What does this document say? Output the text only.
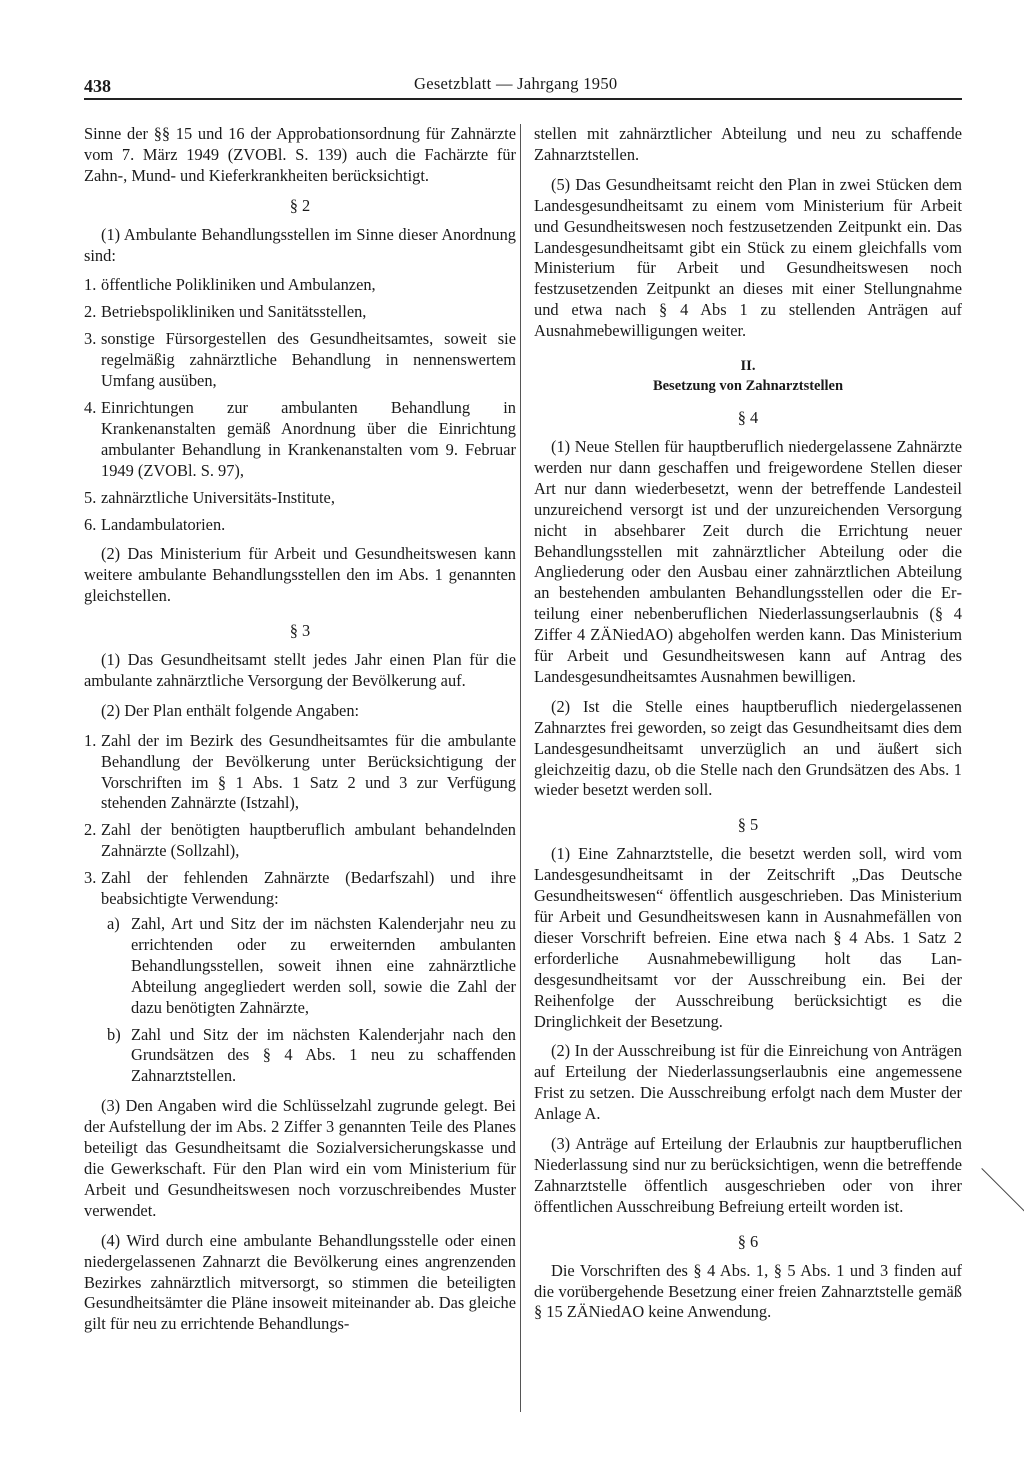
438	Gesetzblatt — Jahrgang 1950

Sinne der §§ 15 und 16 der Approbationsordnung für Zahnärzte vom 7. März 1949 (ZVOBl. S. 139) auch die Fachärzte für Zahn-, Mund- und Kieferkrankheiten berücksichtigt.

§ 2

(1) Ambulante Behandlungsstellen im Sinne dieser Anordnung sind:

1. öffentliche Polikliniken und Ambulanzen,
2. Betriebspolikliniken und Sanitätsstellen,
3. sonstige Fürsorgestellen des Gesundheitsamtes, soweit sie regelmäßig zahnärztliche Behandlung in nennenswertem Umfang ausüben,
4. Einrichtungen zur ambulanten Behandlung in Krankenanstalten gemäß Anordnung über die Einrichtung ambulanter Behandlung in Krankenanstalten vom 9. Februar 1949 (ZVOBl. S. 97),
5. zahnärztliche Universitäts-Institute,
6. Landambulatorien.

(2) Das Ministerium für Arbeit und Gesundheitswesen kann weitere ambulante Behandlungsstellen den im Abs. 1 genannten gleichstellen.

§ 3

(1) Das Gesundheitsamt stellt jedes Jahr einen Plan für die ambulante zahnärztliche Versorgung der Bevölkerung auf.

(2) Der Plan enthält folgende Angaben:

1. Zahl der im Bezirk des Gesundheitsamtes für die ambulante Behandlung der Bevölkerung unter Berücksichtigung der Vorschriften im § 1 Abs. 1 Satz 2 und 3 zur Verfügung stehenden Zahnärzte (Istzahl),
2. Zahl der benötigten hauptberuflich ambulant behandelnden Zahnärzte (Sollzahl),
3. Zahl der fehlenden Zahnärzte (Bedarfszahl) und ihre beabsichtigte Verwendung:
a) Zahl, Art und Sitz der im nächsten Kalenderjahr neu zu errichtenden oder zu erweiternden ambulanten Behandlungsstellen, soweit ihnen eine zahnärztliche Abteilung angegliedert werden soll, sowie die Zahl der dazu benötigten Zahnärzte,
b) Zahl und Sitz der im nächsten Kalenderjahr nach den Grundsätzen des § 4 Abs. 1 neu zu schaffenden Zahnarztstellen.

(3) Den Angaben wird die Schlüsselzahl zugrunde gelegt. Bei der Aufstellung der im Abs. 2 Ziffer 3 genannten Teile des Planes beteiligt das Gesundheitsamt die Sozialversicherungskasse und die Gewerkschaft. Für den Plan wird ein vom Ministerium für Arbeit und Gesundheitswesen noch vorzuschreibendes Muster verwendet.

(4) Wird durch eine ambulante Behandlungsstelle oder einen niedergelassenen Zahnarzt die Bevölkerung eines angrenzenden Bezirkes zahnärztlich mitversorgt, so stimmen die beteiligten Gesundheitsämter die Pläne insoweit miteinander ab. Das gleiche gilt für neu zu errichtende Behandlungs-

stellen mit zahnärztlicher Abteilung und neu zu schaffende Zahnarztstellen.

(5) Das Gesundheitsamt reicht den Plan in zwei Stücken dem Landesgesundheitsamt zu einem vom Ministerium für Arbeit und Gesundheitswesen noch festzusetzenden Zeitpunkt ein. Das Landesgesundheitsamt gibt ein Stück zu einem gleichfalls vom Ministerium für Arbeit und Gesundheitswesen noch festzusetzenden Zeitpunkt an dieses mit einer Stellungnahme und etwa nach § 4 Abs 1 zu stellenden Anträgen auf Ausnahmebewilligungen weiter.

II.
Besetzung von Zahnarztstellen
§ 4

(1) Neue Stellen für hauptberuflich niedergelassene Zahnärzte werden nur dann geschaffen und freigewordene Stellen dieser Art nur dann wiederbesetzt, wenn der betreffende Landesteil unzureichend versorgt ist und der unzureichenden Versorgung nicht in absehbarer Zeit durch die Errichtung neuer Behandlungsstellen mit zahnärztlicher Abteilung oder die Angliederung oder den Ausbau einer zahnärztlichen Abteilung an bestehenden ambulanten Behandlungsstellen oder die Erteilung einer nebenberuflichen Niederlassungserlaubnis (§ 4 Ziffer 4 ZÄNiedAO) abgeholfen werden kann. Das Ministerium für Arbeit und Gesundheitswesen kann auf Antrag des Landesgesundheitsamtes Ausnahmen bewilligen.

(2) Ist die Stelle eines hauptberuflich niedergelassenen Zahnarztes frei geworden, so zeigt das Gesundheitsamt dies dem Landesgesundheitsamt unverzüglich an und äußert sich gleichzeitig dazu, ob die Stelle nach den Grundsätzen des Abs. 1 wieder besetzt werden soll.

§ 5

(1) Eine Zahnarztstelle, die besetzt werden soll, wird vom Landesgesundheitsamt in der Zeitschrift „Das Deutsche Gesundheitswesen“ öffentlich ausgeschrieben. Das Ministerium für Arbeit und Gesundheitswesen kann in Ausnahmefällen von dieser Vorschrift befreien. Eine etwa nach § 4 Abs. 1 Satz 2 erforderliche Ausnahmebewilligung holt das Landesgesundheitsamt vor der Ausschreibung ein. Bei der Reihenfolge der Ausschreibung berücksichtigt es die Dringlichkeit der Besetzung.

(2) In der Ausschreibung ist für die Einreichung von Anträgen auf Erteilung der Niederlassungserlaubnis eine angemessene Frist zu setzen. Die Ausschreibung erfolgt nach dem Muster der Anlage A.

(3) Anträge auf Erteilung der Erlaubnis zur hauptberuflichen Niederlassung sind nur zu berücksichtigen, wenn die betreffende Zahnarztstelle öffentlich ausgeschrieben oder von ihrer öffentlichen Ausschreibung Befreiung erteilt worden ist.

§ 6

Die Vorschriften des § 4 Abs. 1, § 5 Abs. 1 und 3 finden auf die vorübergehende Besetzung einer freien Zahnarztstelle gemäß § 15 ZÄNiedAO keine Anwendung.
